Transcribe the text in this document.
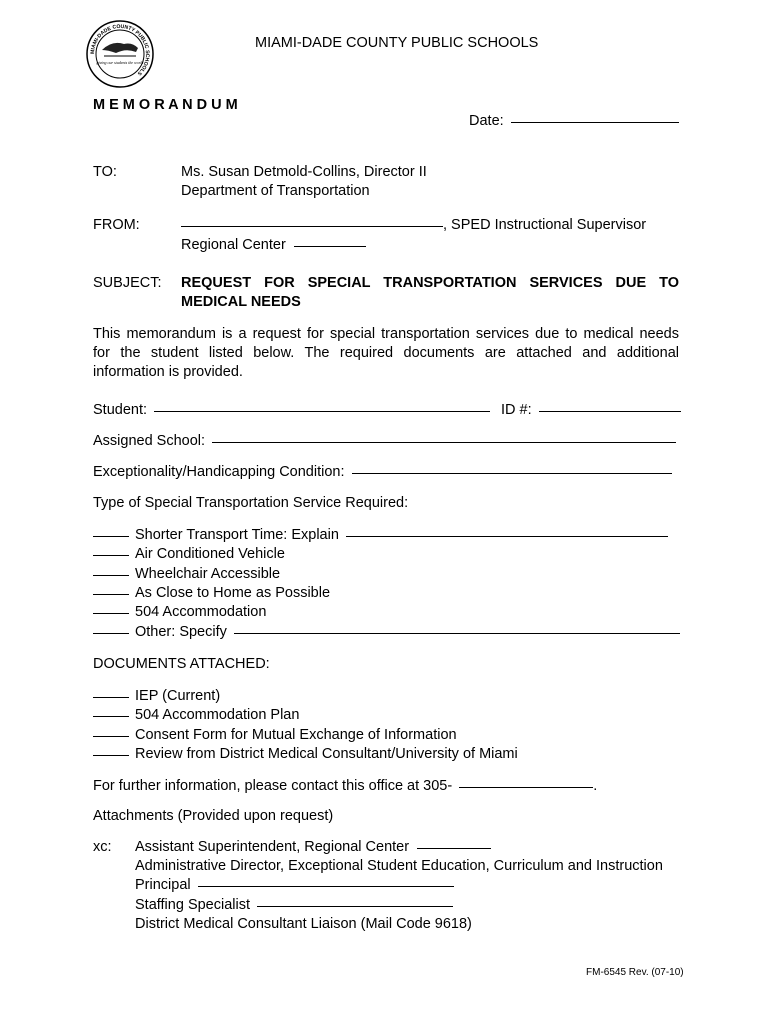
MIAMI-DADE COUNTY PUBLIC SCHOOLS
giving our students the world
MIAMI-DADE COUNTY PUBLIC SCHOOLS
M E M O R A N D U M
Date:
TO:	Ms. Susan Detmold-Collins, Director II
Department of Transportation
FROM:	, SPED Instructional Supervisor
Regional Center
SUBJECT: REQUEST FOR SPECIAL TRANSPORTATION SERVICES DUE TO
MEDICAL NEEDS
This memorandum is a request for special transportation services due to medical needs
for the student listed below. The required documents are attached and additional
information is provided.
Student:	ID #:
Assigned School:
Exceptionality/Handicapping Condition:
Type of Special Transportation Service Required:
Shorter Transport Time: Explain
Air Conditioned Vehicle
Wheelchair Accessible
As Close to Home as Possible
504 Accommodation
Other: Specify
DOCUMENTS ATTACHED:
IEP (Current)
504 Accommodation Plan
Consent Form for Mutual Exchange of Information
Review from District Medical Consultant/University of Miami
For further information, please contact this office at 305-	.
Attachments (Provided upon request)
xc: Assistant Superintendent, Regional Center
Administrative Director, Exceptional Student Education, Curriculum and Instruction
Principal
Staffing Specialist
District Medical Consultant Liaison (Mail Code 9618)
FM-6545 Rev. (07-10)
